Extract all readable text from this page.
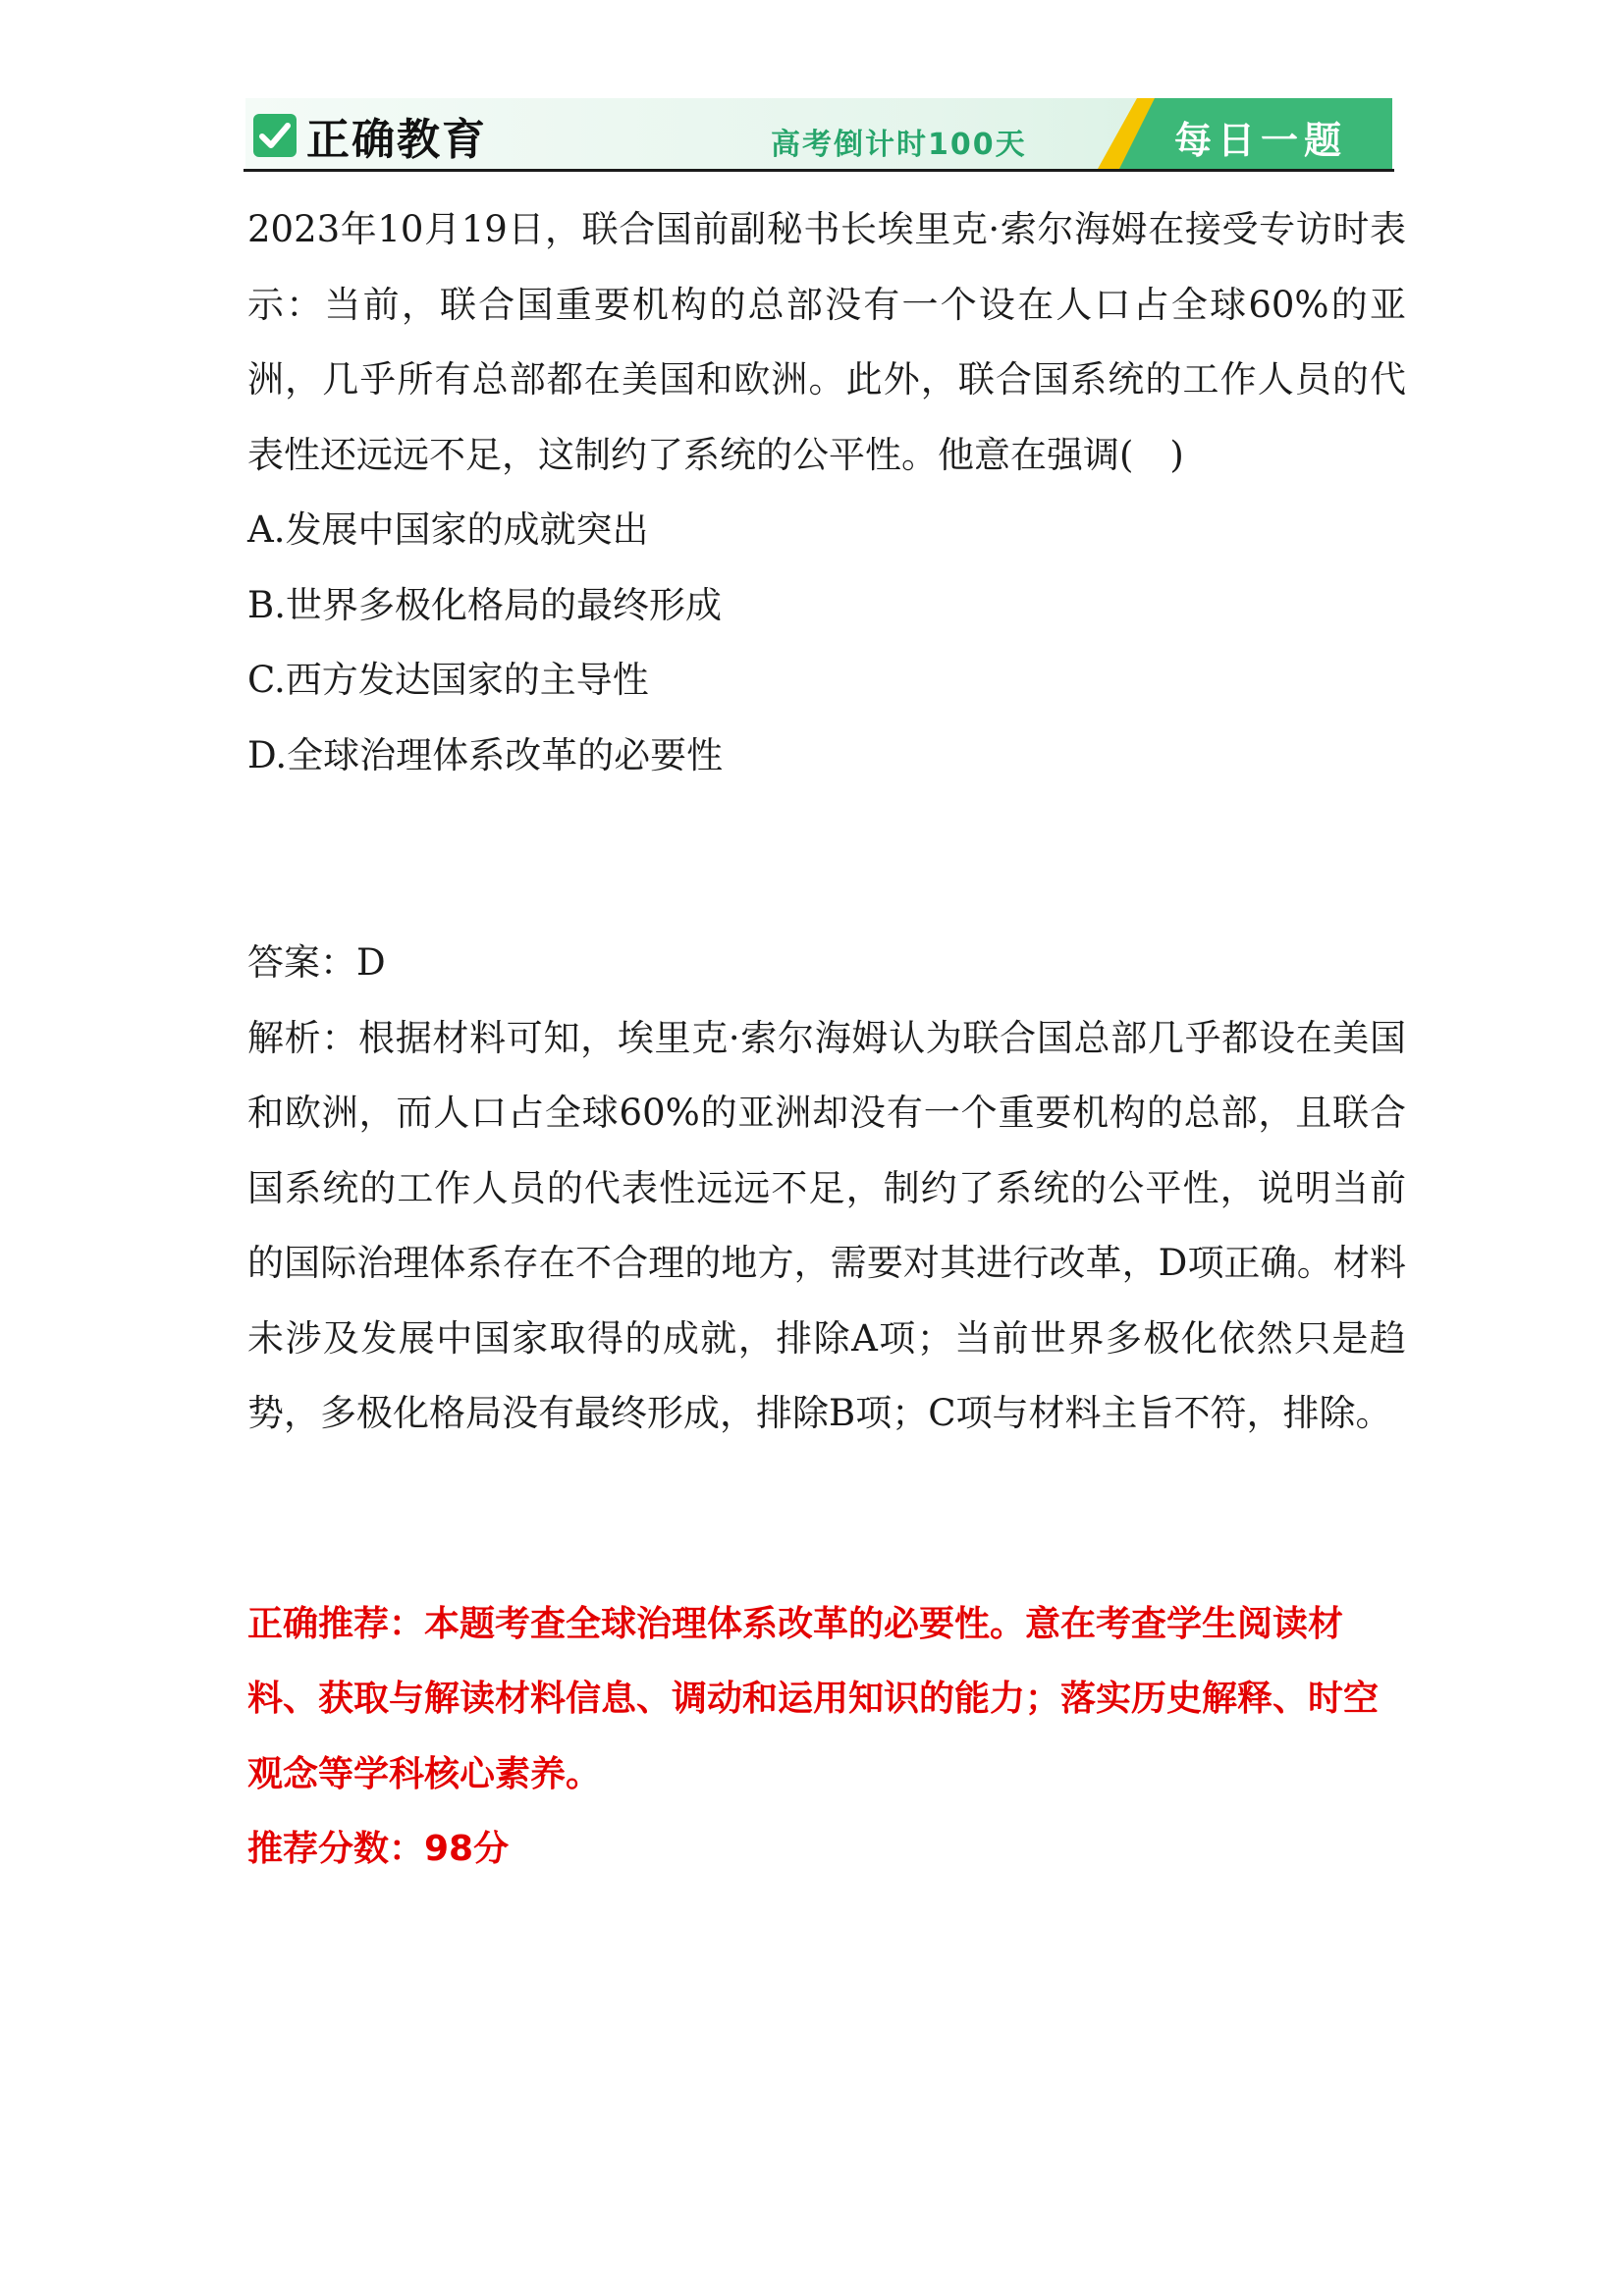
正确教育	高考倒计时100天	每日一题

2023年10月19日，联合国前副秘书长埃里克·索尔海姆在接受专访时表示：当前，联合国重要机构的总部没有一个设在人口占全球60%的亚洲，几乎所有总部都在美国和欧洲。此外，联合国系统的工作人员的代表性还远远不足，这制约了系统的公平性。他意在强调(　)

A.发展中国家的成就突出

B.世界多极化格局的最终形成

C.西方发达国家的主导性

D.全球治理体系改革的必要性

答案：D

解析：根据材料可知，埃里克·索尔海姆认为联合国总部几乎都设在美国和欧洲，而人口占全球60%的亚洲却没有一个重要机构的总部，且联合国系统的工作人员的代表性远远不足，制约了系统的公平性，说明当前的国际治理体系存在不合理的地方，需要对其进行改革，D项正确。材料未涉及发展中国家取得的成就，排除A项；当前世界多极化依然只是趋势，多极化格局没有最终形成，排除B项；C项与材料主旨不符，排除。

正确推荐：本题考查全球治理体系改革的必要性。意在考查学生阅读材料、获取与解读材料信息、调动和运用知识的能力；落实历史解释、时空观念等学科核心素养。

推荐分数：98分
